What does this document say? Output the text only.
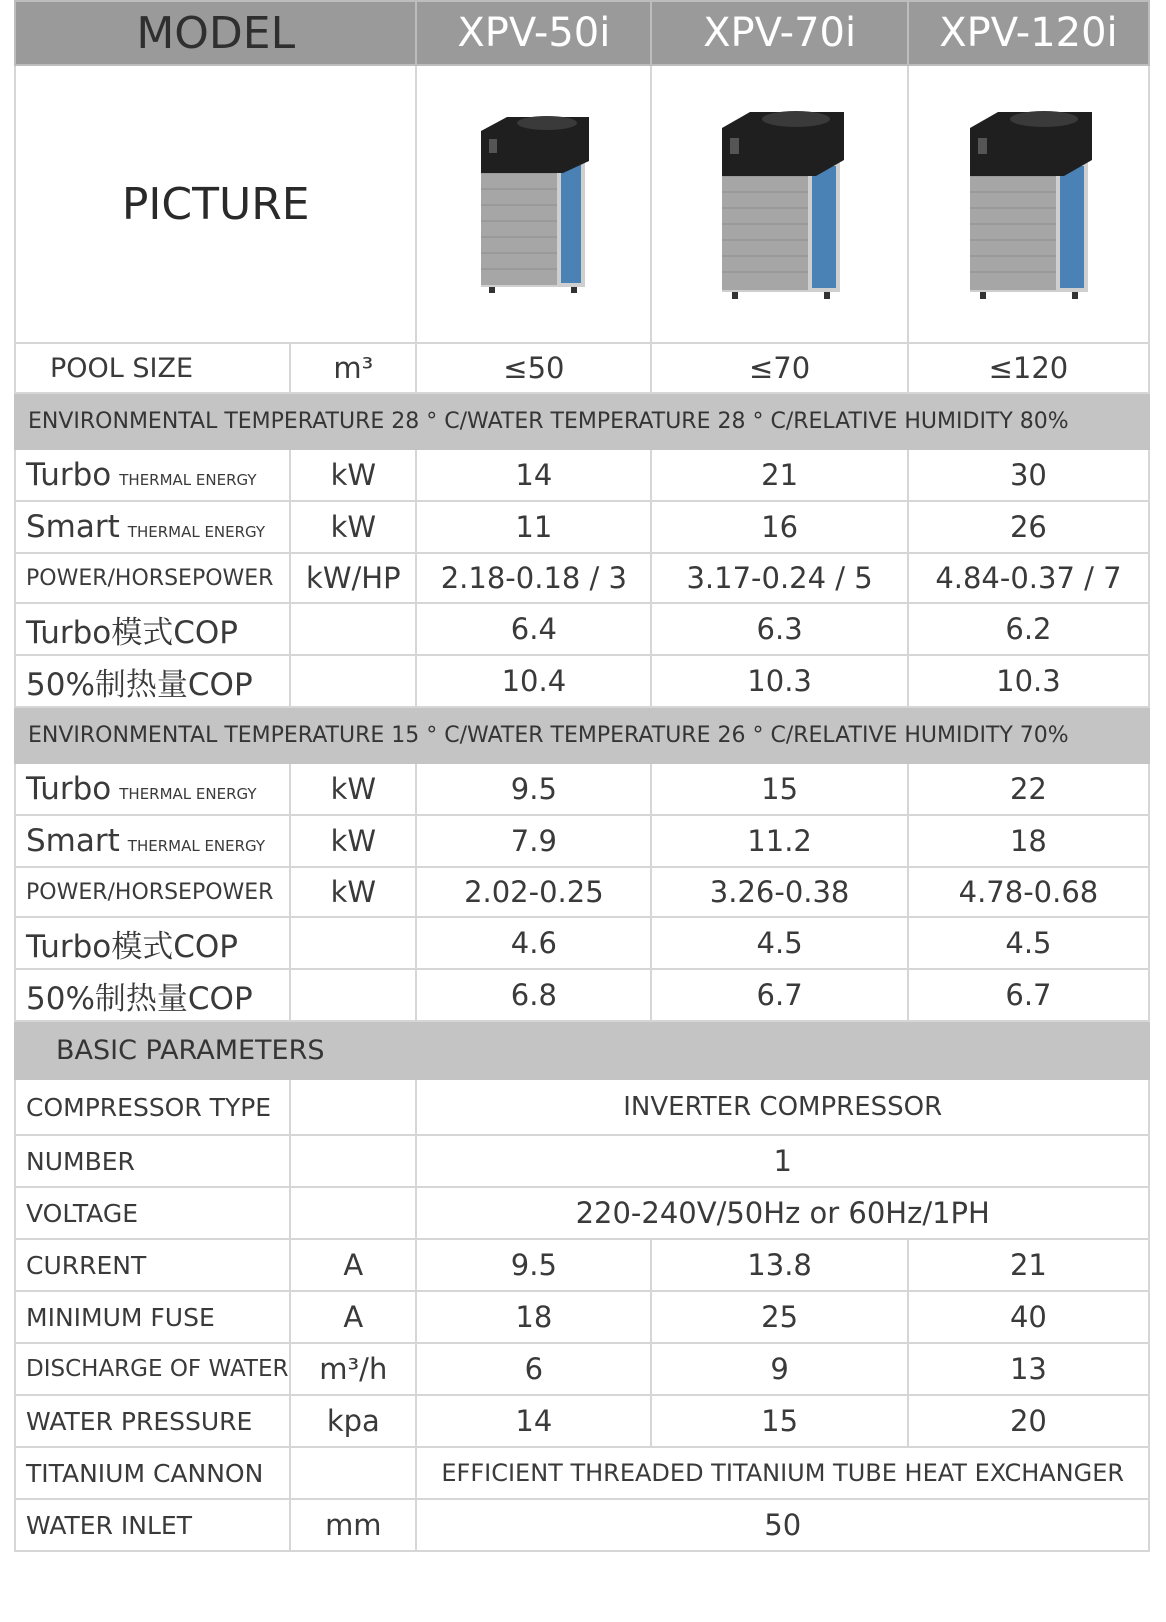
MODEL		XPV-50i	XPV-70i	XPV-120i
PICTURE			
POOL SIZE	m³	≤50	≤70	≤120
ENVIRONMENTAL TEMPERATURE 28 ° C/WATER TEMPERATURE 28 ° C/RELATIVE HUMIDITY 80%				
Turbo THERMAL ENERGY	kW	14	21	30
Smart THERMAL ENERGY	kW	11	16	26
POWER/HORSEPOWER	kW/HP	2.18-0.18 / 3	3.17-0.24 / 5	4.84-0.37 / 7
Turbo模式COP		6.4	6.3	6.2
50%制热量COP		10.4	10.3	10.3
ENVIRONMENTAL TEMPERATURE 15 ° C/WATER TEMPERATURE 26 ° C/RELATIVE HUMIDITY 70%				
Turbo THERMAL ENERGY	kW	9.5	15	22
Smart THERMAL ENERGY	kW	7.9	11.2	18
POWER/HORSEPOWER	kW	2.02-0.25	3.26-0.38	4.78-0.68
Turbo模式COP		4.6	4.5	4.5
50%制热量COP		6.8	6.7	6.7
BASIC PARAMETERS				
COMPRESSOR TYPE		INVERTER COMPRESSOR		
NUMBER		1		
VOLTAGE		220-240V/50Hz or 60Hz/1PH		
CURRENT	A	9.5	13.8	21
MINIMUM FUSE	A	18	25	40
DISCHARGE OF WATER	m³/h	6	9	13
WATER PRESSURE	kpa	14	15	20
TITANIUM CANNON		EFFICIENT THREADED TITANIUM TUBE HEAT EXCHANGER		
WATER INLET	mm	50		
